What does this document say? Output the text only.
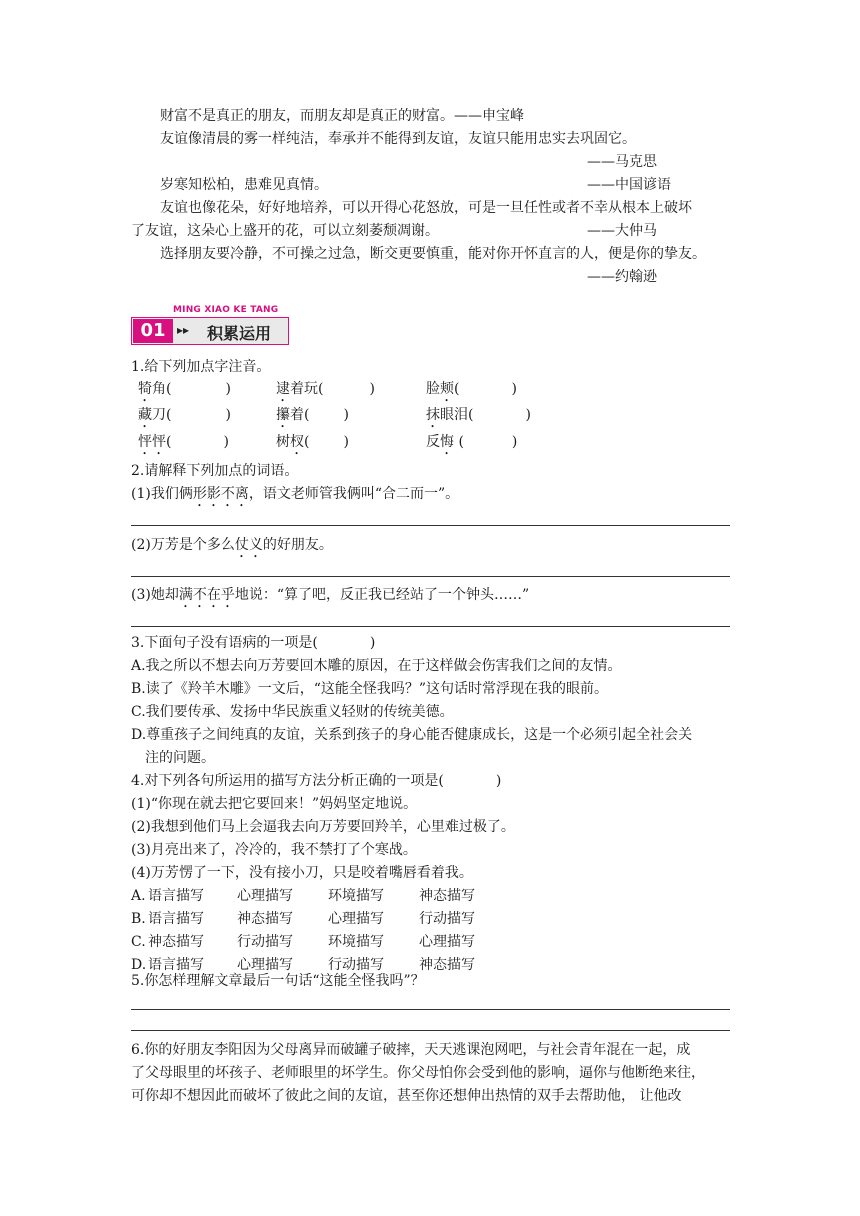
财富不是真正的朋友，而朋友却是真正的财富。——申宝峰
友谊像清晨的雾一样纯洁，奉承并不能得到友谊，友谊只能用忠实去巩固它。
——马克思
岁寒知松柏，患难见真情。	——中国谚语
友谊也像花朵，好好地培养，可以开得心花怒放，可是一旦任性或者不幸从根本上破坏
了友谊，这朵心上盛开的花，可以立刻萎颓凋谢。	——大仲马
选择朋友要冷静，不可操之过急，断交更要慎重，能对你开怀直言的人，便是你的挚友。
——约翰逊
MING XIAO KE TANG
01 ▸▸ 积累运用
1.给下列加点字注音。
犄角(	)	逮着玩(	)	脸颊(	)
藏刀(	)	攥着( )	抹眼泪(	)
怦怦(	)	树杈( )	反悔 (	)
2.请解释下列加点的词语。
(1)我们俩形影不离，语文老师管我俩叫“合二而一”。
(2)万芳是个多么仗义的好朋友。
(3)她却满不在乎地说：“算了吧，反正我已经站了一个钟头……”
3.下面句子没有语病的一项是(	)
A.我之所以不想去向万芳要回木雕的原因，在于这样做会伤害我们之间的友情。
B.读了《羚羊木雕》一文后，“这能全怪我吗？”这句话时常浮现在我的眼前。
C.我们要传承、发扬中华民族重义轻财的传统美德。
D.尊重孩子之间纯真的友谊，关系到孩子的身心能否健康成长，这是一个必须引起全社会关
注的问题。
4.对下列各句所运用的描写方法分析正确的一项是(	)
(1)“你现在就去把它要回来！”妈妈坚定地说。
(2)我想到他们马上会逼我去向万芳要回羚羊，心里难过极了。
(3)月亮出来了，冷冷的，我不禁打了个寒战。
(4)万芳愣了一下，没有接小刀，只是咬着嘴唇看着我。
A. 语言描写 心理描写	环境描写	神态描写
B. 语言描写 神态描写	心理描写	行动描写
C. 神态描写 行动描写	环境描写	心理描写
D. 语言描写 心理描写	行动描写	神态描写
5.你怎样理解文章最后一句话“这能全怪我吗”？
6.你的好朋友李阳因为父母离异而破罐子破摔，天天逃课泡网吧，与社会青年混在一起，成
了父母眼里的坏孩子、老师眼里的坏学生。你父母怕你会受到他的影响，逼你与他断绝来往，
可你却不想因此而破坏了彼此之间的友谊，甚至你还想伸出热情的双手去帮助他， 让他改
